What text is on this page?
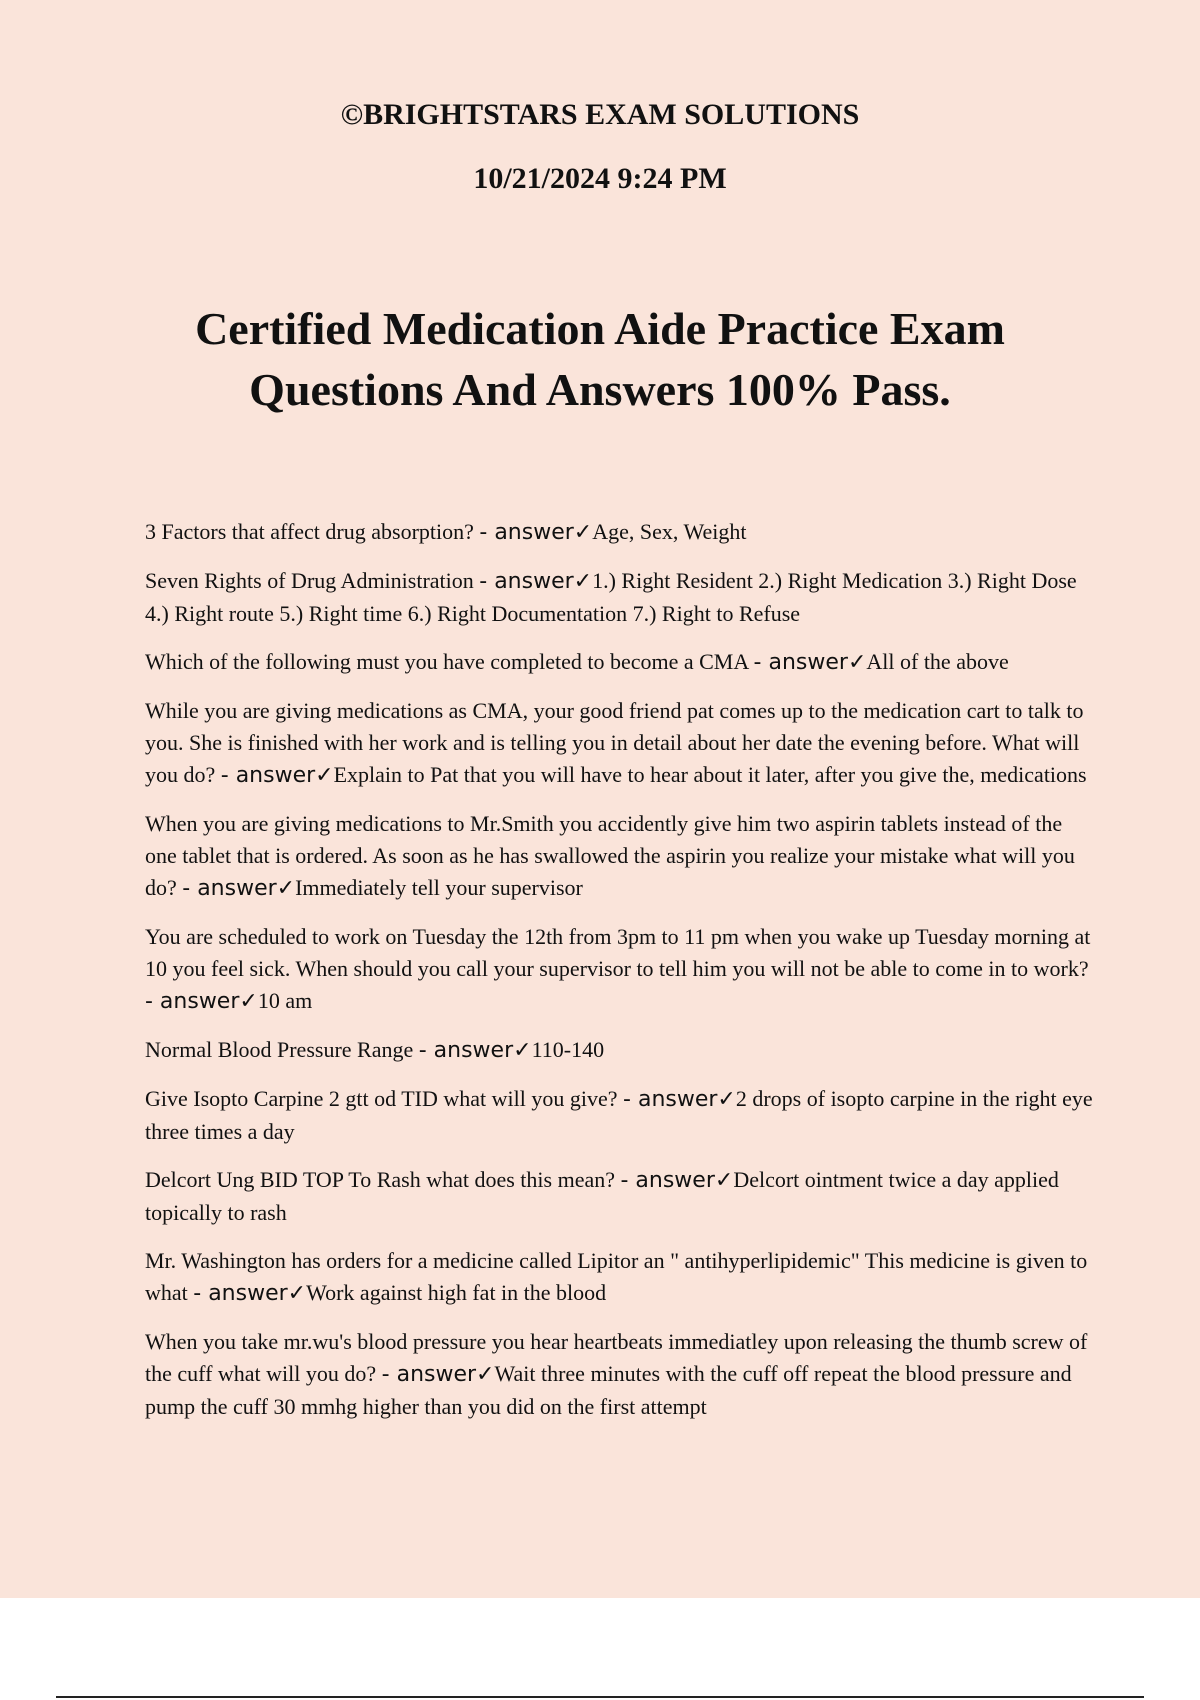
©BRIGHTSTARS EXAM SOLUTIONS
10/21/2024 9:24 PM
Certified Medication Aide Practice Exam
Questions And Answers 100% Pass.
3 Factors that affect drug absorption? - answer✓Age, Sex, Weight
Seven Rights of Drug Administration - answer✓1.) Right Resident 2.) Right Medication 3.) Right Dose 4.) Right route 5.) Right time 6.) Right Documentation 7.) Right to Refuse
Which of the following must you have completed to become a CMA - answer✓All of the above
While you are giving medications as CMA, your good friend pat comes up to the medication cart to talk to you. She is finished with her work and is telling you in detail about her date the evening before. What will you do? - answer✓Explain to Pat that you will have to hear about it later, after you give the, medications
When you are giving medications to Mr.Smith you accidently give him two aspirin tablets instead of the one tablet that is ordered. As soon as he has swallowed the aspirin you realize your mistake what will you do? - answer✓Immediately tell your supervisor
You are scheduled to work on Tuesday the 12th from 3pm to 11 pm when you wake up Tuesday morning at 10 you feel sick. When should you call your supervisor to tell him you will not be able to come in to work? - answer✓10 am
Normal Blood Pressure Range - answer✓110-140
Give Isopto Carpine 2 gtt od TID what will you give? - answer✓2 drops of isopto carpine in the right eye three times a day
Delcort Ung BID TOP To Rash what does this mean? - answer✓Delcort ointment twice a day applied topically to rash
Mr. Washington has orders for a medicine called Lipitor an " antihyperlipidemic" This medicine is given to what - answer✓Work against high fat in the blood
When you take mr.wu's blood pressure you hear heartbeats immediatley upon releasing the thumb screw of the cuff what will you do? - answer✓Wait three minutes with the cuff off repeat the blood pressure and pump the cuff 30 mmhg higher than you did on the first attempt
